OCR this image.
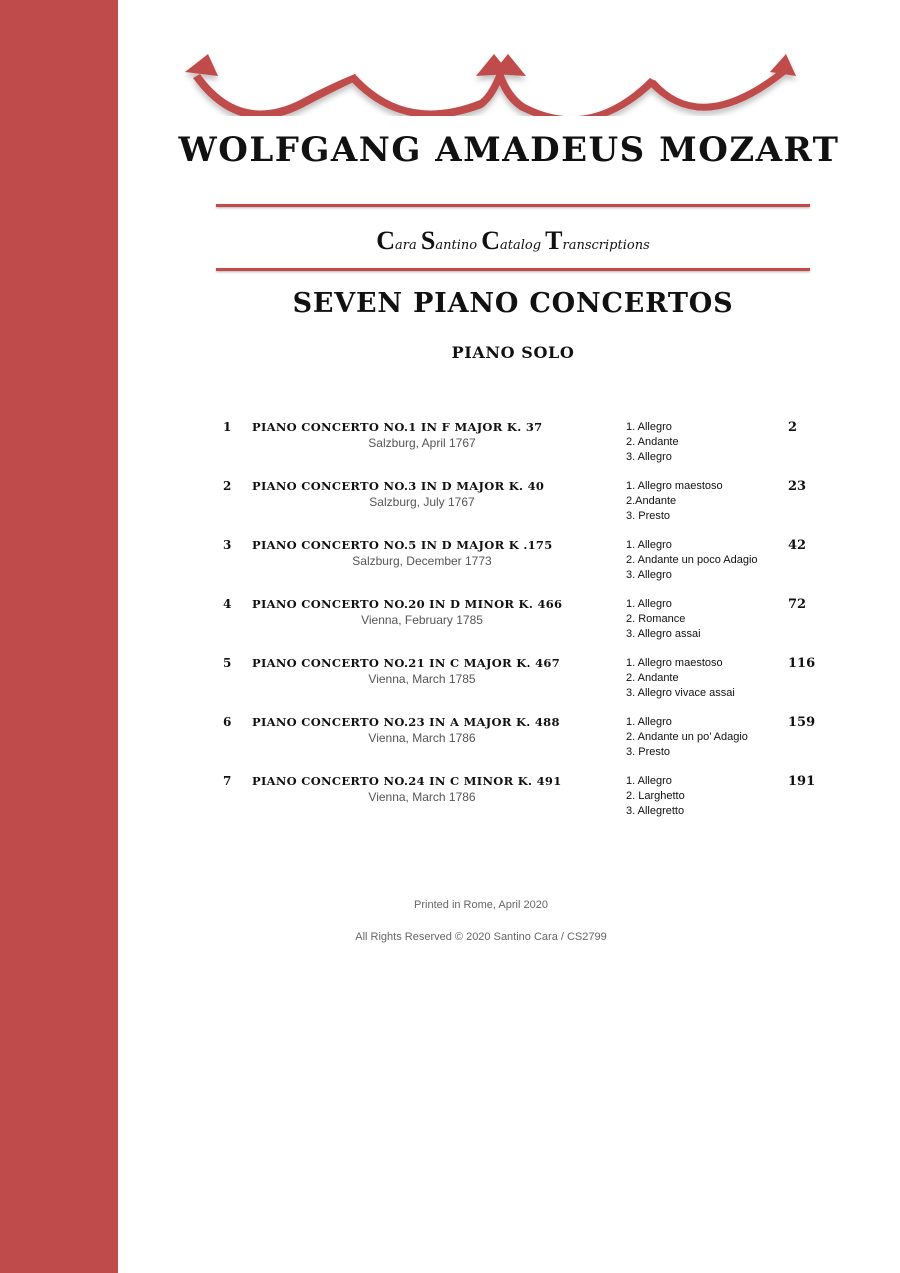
WOLFGANG AMADEUS MOZART
Cara Santino Catalog Transcriptions
SEVEN PIANO CONCERTOS
PIANO SOLO
1 PIANO CONCERTO NO.1 IN F MAJOR K. 37
Salzburg, April 1767
1. Allegro
2. Andante
3. Allegro
2
2 PIANO CONCERTO NO.3 IN D MAJOR K. 40
Salzburg, July 1767
1. Allegro maestoso
2.Andante
3. Presto
23
3 PIANO CONCERTO NO.5 IN D MAJOR K .175
Salzburg, December 1773
1. Allegro
2. Andante un poco Adagio
3. Allegro
42
4 PIANO CONCERTO NO.20 IN D MINOR K. 466
Vienna, February 1785
1. Allegro
2. Romance
3. Allegro assai
72
5 PIANO CONCERTO NO.21 IN C MAJOR K. 467
Vienna, March 1785
1. Allegro maestoso
2. Andante
3. Allegro vivace assai
116
6 PIANO CONCERTO NO.23 IN A MAJOR K. 488
Vienna, March 1786
1. Allegro
2. Andante un po’ Adagio
3. Presto
159
7 PIANO CONCERTO NO.24 IN C MINOR K. 491
Vienna, March 1786
1. Allegro
2. Larghetto
3. Allegretto
191
Printed in Rome, April 2020
All Rights Reserved © 2020 Santino Cara / CS2799
